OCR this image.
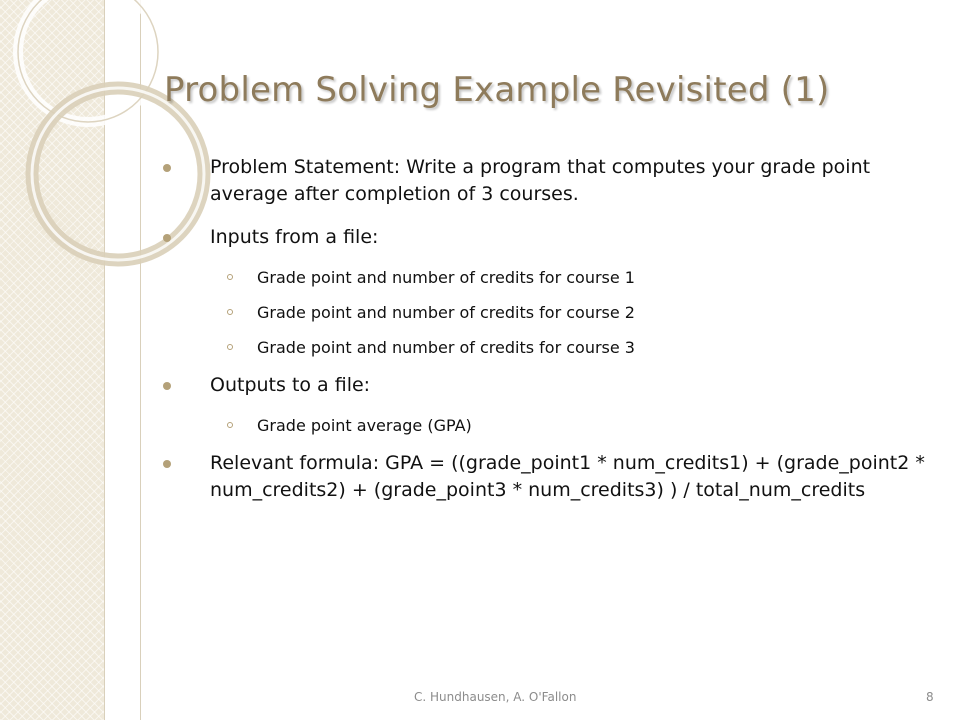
Problem Solving Example Revisited (1)
Problem Statement: Write a program that computes your grade point average after completion of 3 courses.
Inputs from a file:
Grade point and number of credits for course 1
Grade point and number of credits for course 2
Grade point and number of credits for course 3
Outputs to a file:
Grade point average (GPA)
Relevant formula: GPA = ((grade_point1 * num_credits1) + (grade_point2 * num_credits2) + (grade_point3 * num_credits3) ) / total_num_credits
C. Hundhausen, A. O'Fallon	8
